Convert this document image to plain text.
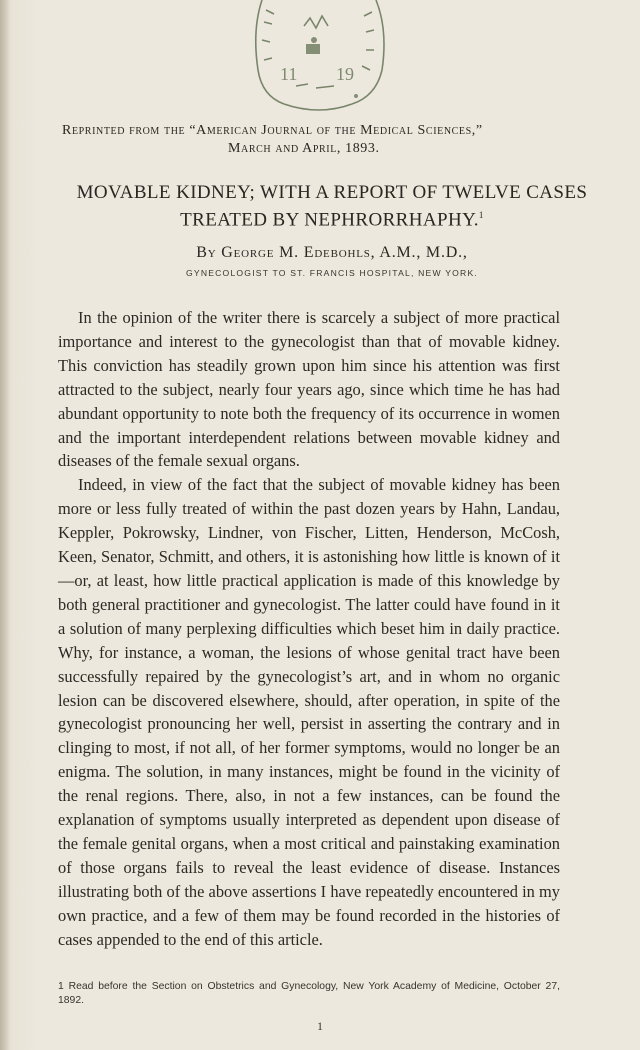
11 19
Reprinted from the “American Journal of the Medical Sciences,”
March and April, 1893.
MOVABLE KIDNEY; WITH A REPORT OF TWELVE CASES TREATED BY NEPHRORRHAPHY.$^1$
By George M. Edebohls, A.M., M.D.,
GYNECOLOGIST TO ST. FRANCIS HOSPITAL, NEW YORK.

In the opinion of the writer there is scarcely a subject of more practical importance and interest to the gynecologist than that of movable kidney. This conviction has steadily grown upon him since his attention was first attracted to the subject, nearly four years ago, since which time he has had abundant opportunity to note both the frequency of its occurrence in women and the important interdependent relations between movable kidney and diseases of the female sexual organs.

Indeed, in view of the fact that the subject of movable kidney has been more or less fully treated of within the past dozen years by Hahn, Landau, Keppler, Pokrowsky, Lindner, von Fischer, Litten, Henderson, McCosh, Keen, Senator, Schmitt, and others, it is astonishing how little is known of it—or, at least, how little practical application is made of this knowledge by both general practitioner and gynecologist. The latter could have found in it a solution of many perplexing difficulties which beset him in daily practice. Why, for instance, a woman, the lesions of whose genital tract have been successfully repaired by the gynecologist’s art, and in whom no organic lesion can be discovered elsewhere, should, after operation, in spite of the gynecologist pronouncing her well, persist in asserting the contrary and in clinging to most, if not all, of her former symptoms, would no longer be an enigma. The solution, in many instances, might be found in the vicinity of the renal regions. There, also, in not a few instances, can be found the explanation of symptoms usually interpreted as dependent upon disease of the female genital organs, when a most critical and painstaking examination of those organs fails to reveal the least evidence of disease. Instances illustrating both of the above assertions I have repeatedly encountered in my own practice, and a few of them may be found recorded in the histories of cases appended to the end of this article.

1 Read before the Section on Obstetrics and Gynecology, New York Academy of Medicine, October 27, 1892.
1
